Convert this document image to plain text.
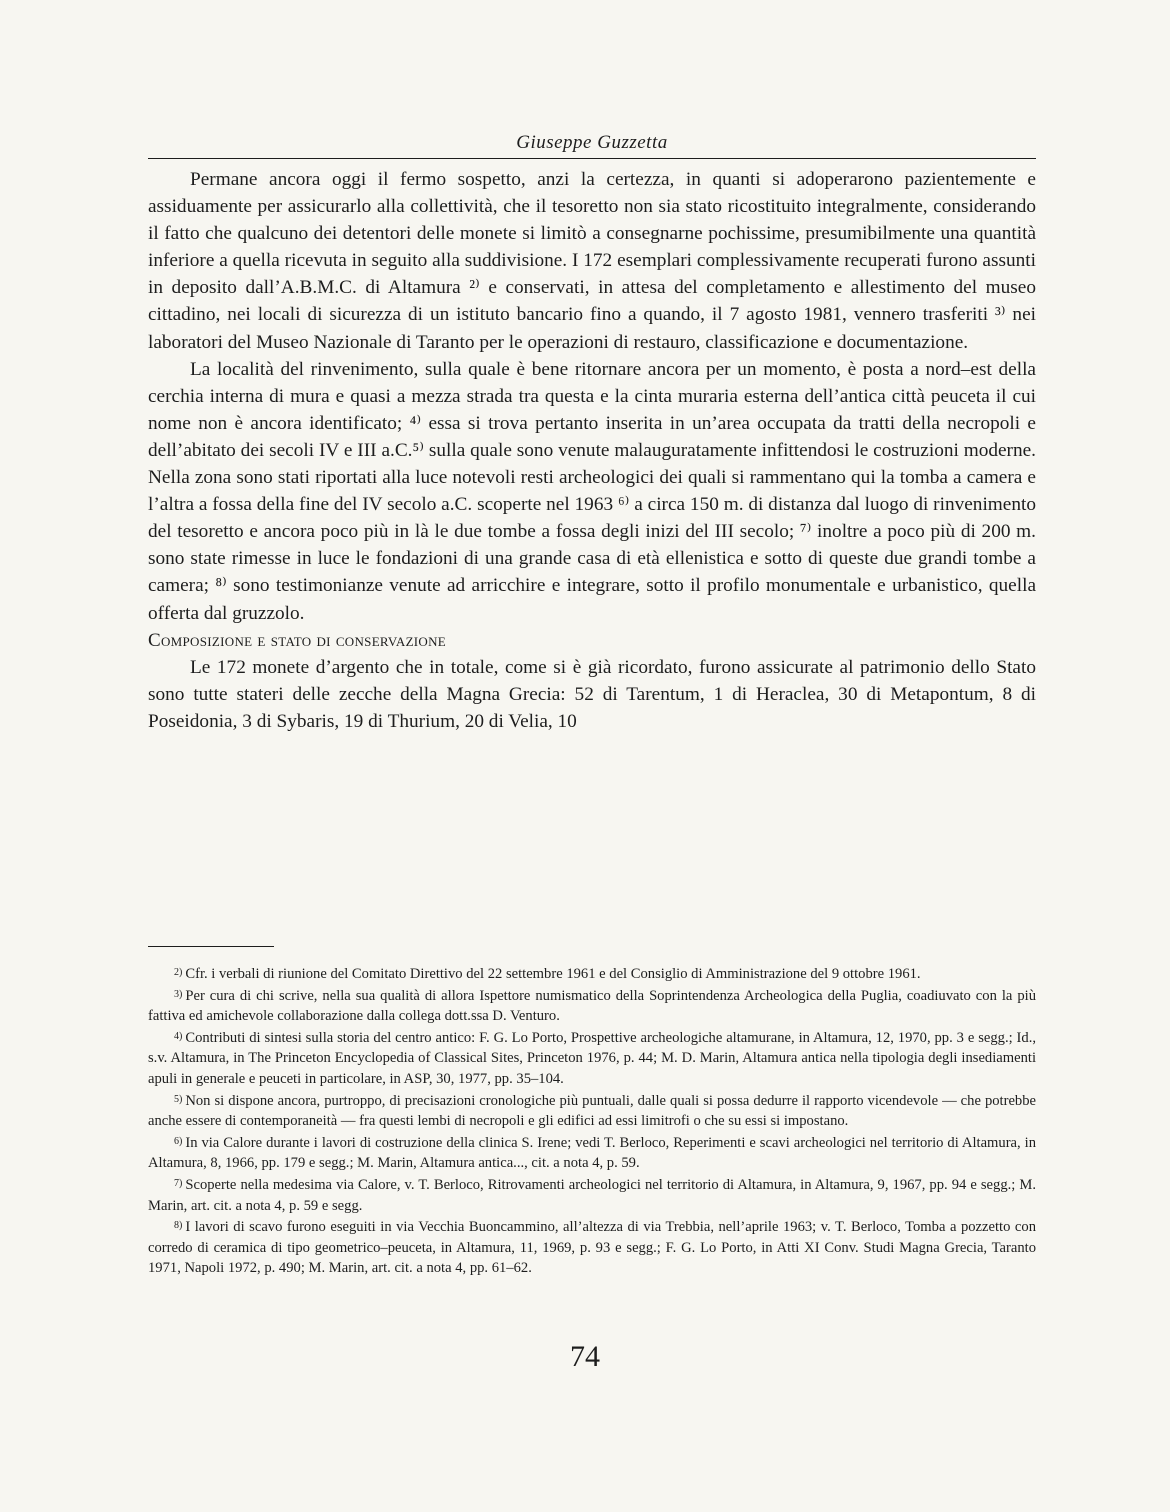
Giuseppe Guzzetta

Permane ancora oggi il fermo sospetto, anzi la certezza, in quanti si adoperarono pazientemente e assiduamente per assicurarlo alla collettività, che il tesoretto non sia stato ricostituito integralmente, considerando il fatto che qualcuno dei detentori delle monete si limitò a consegnarne pochissime, presumibilmente una quantità inferiore a quella ricevuta in seguito alla suddivisione. I 172 esemplari complessivamente recuperati furono assunti in deposito dall’A.B.M.C. di Altamura ²⁾ e conservati, in attesa del completamento e allestimento del museo cittadino, nei locali di sicurezza di un istituto bancario fino a quando, il 7 agosto 1981, vennero trasferiti ³⁾ nei laboratori del Museo Nazionale di Taranto per le operazioni di restauro, classificazione e documentazione.

La località del rinvenimento, sulla quale è bene ritornare ancora per un momento, è posta a nord–est della cerchia interna di mura e quasi a mezza strada tra questa e la cinta muraria esterna dell’antica città peuceta il cui nome non è ancora identificato; ⁴⁾ essa si trova pertanto inserita in un’area occupata da tratti della necropoli e dell’abitato dei secoli IV e III a.C.⁵⁾ sulla quale sono venute malauguratamente infittendosi le costruzioni moderne. Nella zona sono stati riportati alla luce notevoli resti archeologici dei quali si rammentano qui la tomba a camera e l’altra a fossa della fine del IV secolo a.C. scoperte nel 1963 ⁶⁾ a circa 150 m. di distanza dal luogo di rinvenimento del tesoretto e ancora poco più in là le due tombe a fossa degli inizi del III secolo; ⁷⁾ inoltre a poco più di 200 m. sono state rimesse in luce le fondazioni di una grande casa di età ellenistica e sotto di queste due grandi tombe a camera; ⁸⁾ sono testimonianze venute ad arricchire e integrare, sotto il profilo monumentale e urbanistico, quella offerta dal gruzzolo.

Composizione e stato di conservazione

Le 172 monete d’argento che in totale, come si è già ricordato, furono assicurate al patrimonio dello Stato sono tutte stateri delle zecche della Magna Grecia: 52 di Tarentum, 1 di Heraclea, 30 di Metapontum, 8 di Poseidonia, 3 di Sybaris, 19 di Thurium, 20 di Velia, 10

$^{2)}$ Cfr. i verbali di riunione del Comitato Direttivo del 22 settembre 1961 e del Consiglio di Amministrazione del 9 ottobre 1961.

$^{3)}$ Per cura di chi scrive, nella sua qualità di allora Ispettore numismatico della Soprintendenza Archeologica della Puglia, coadiuvato con la più fattiva ed amichevole collaborazione dalla collega dott.ssa D. Venturo.

$^{4)}$ Contributi di sintesi sulla storia del centro antico: F. G. Lo Porto, Prospettive archeologiche altamurane, in Altamura, 12, 1970, pp. 3 e segg.; Id., s.v. Altamura, in The Princeton Encyclopedia of Classical Sites, Princeton 1976, p. 44; M. D. Marin, Altamura antica nella tipologia degli insediamenti apuli in generale e peuceti in particolare, in ASP, 30, 1977, pp. 35–104.

$^{5)}$ Non si dispone ancora, purtroppo, di precisazioni cronologiche più puntuali, dalle quali si possa dedurre il rapporto vicendevole — che potrebbe anche essere di contemporaneità — fra questi lembi di necropoli e gli edifici ad essi limitrofi o che su essi si impostano.

$^{6)}$ In via Calore durante i lavori di costruzione della clinica S. Irene; vedi T. Berloco, Reperimenti e scavi archeologici nel territorio di Altamura, in Altamura, 8, 1966, pp. 179 e segg.; M. Marin, Altamura antica..., cit. a nota 4, p. 59.

$^{7)}$ Scoperte nella medesima via Calore, v. T. Berloco, Ritrovamenti archeologici nel territorio di Altamura, in Altamura, 9, 1967, pp. 94 e segg.; M. Marin, art. cit. a nota 4, p. 59 e segg.

$^{8)}$ I lavori di scavo furono eseguiti in via Vecchia Buoncammino, all’altezza di via Trebbia, nell’aprile 1963; v. T. Berloco, Tomba a pozzetto con corredo di ceramica di tipo geometrico–peuceta, in Altamura, 11, 1969, p. 93 e segg.; F. G. Lo Porto, in Atti XI Conv. Studi Magna Grecia, Taranto 1971, Napoli 1972, p. 490; M. Marin, art. cit. a nota 4, pp. 61–62.

74
